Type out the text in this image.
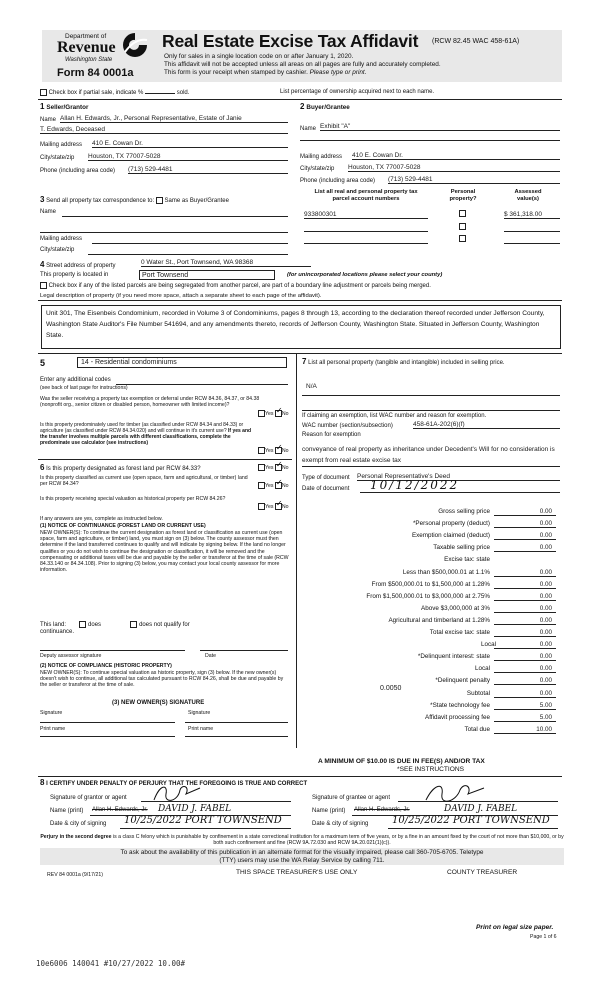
Department of
Revenue
Washington State
Form 84 0001a
Real Estate Excise Tax Affidavit (RCW 82.45 WAC 458-61A)
Only for sales in a single location code on or after January 1, 2020.
This affidavit will not be accepted unless all areas on all pages are fully and accurately completed.
This form is your receipt when stamped by cashier. Please type or print.
Check box if partial sale, indicate %	sold.	List percentage of ownership acquired next to each name.
1 Seller/Grantor
Name Allan H. Edwards, Jr., Personal Representative, Estate of Janie
T. Edwards, Deceased
Mailing address 410 E. Cowan Dr.
City/state/zip Houston, TX 77007-5028
Phone (including area code) (713) 529-4481
2 Buyer/Grantee
Name Exhibit "A"
Mailing address 410 E. Cowan Dr.
City/state/zip Houston, TX 77007-5028
Phone (including area code) (713) 529-4481
3 Send all property tax correspondence to: Same as Buyer/Grantee
Name
Mailing address
City/state/zip
List all real and personal property tax
parcel account numbers
Personal
property?
Assessed
value(s)
933800301	$ 361,318.00
4 Street address of property	0 Water St., Port Townsend, WA 98368
This property is located in	Port Townsend	(for unincorporated locations please select your county)
Check box if any of the listed parcels are being segregated from another parcel, are part of a boundary line adjustment or parcels being merged.
Legal description of property (if you need more space, attach a separate sheet to each page of the affidavit).
Unit 301, The Eisenbeis Condominium, recorded in Volume 3 of Condominiums, pages 8 through 13, according to the declaration thereof recorded under Jefferson County, Washington State Auditor's File Number 541694, and any amendments thereto, records of Jefferson County, Washington State. Situated in Jefferson County, Washington State.
5	14 - Residential condominiums
Enter any additional codes
(see back of last page for instructions)
Was the seller receiving a property tax exemption or deferral under RCW 84.36, 84.37, or 84.38 (nonprofit org., senior citizen or disabled person, homeowner with limited income)?
Yes ✓ No
Is this property predominately used for timber (as classified under RCW 84.34 and 84.33) or agriculture (as classified under RCW 84.34.020) and will continue in it's current use? If yes and the transfer involves multiple parcels with different classifications, complete the predominate use calculator (see instructions)
Yes ✓ No
6 Is this property designated as forest land per RCW 84.33?	Yes ✓ No
Is this property classified as current use (open space, farm and agricultural, or timber) land per RCW 84.34?	Yes ✓ No
Is this property receiving special valuation as historical property per RCW 84.26?
Yes ✓ No
If any answers are yes, complete as instructed below.
(1) NOTICE OF CONTINUANCE (FOREST LAND OR CURRENT USE)
NEW OWNER(S): To continue the current designation as forest land or classification as current use (open space, farm and agriculture, or timber) land, you must sign on (3) below. The county assessor must then determine if the land transferred continues to qualify and will indicate by signing below. If the land no longer qualifies or you do not wish to continue the designation or classification, it will be removed and the compensating or additional taxes will be due and payable by the seller or transferor at the time of sale (RCW 84.33.140 or 84.34.108). Prior to signing (3) below, you may contact your local county assessor for more information.
This land:	does	does not qualify for
continuance.
Deputy assessor signature	Date
(2) NOTICE OF COMPLIANCE (HISTORIC PROPERTY)
NEW OWNER(S): To continue special valuation as historic property, sign (3) below. If the new owner(s) doesn't wish to continue, all additional tax calculated pursuant to RCW 84.26, shall be due and payable by the seller or transferor at the time of sale.
(3) NEW OWNER(S) SIGNATURE
Signature	Signature
Print name	Print name
7 List all personal property (tangible and intangible) included in selling price.
N/A
If claiming an exemption, list WAC number and reason for exemption.
WAC number (section/subsection)	458-61A-202(6)(f)
Reason for exemption
conveyance of real property as inheritance under Decedent's Will for no consideration is exempt from real estate excise tax
Type of document Personal Representative's Deed
Date of document	10/12/2022
Gross selling price	0.00
*Personal property (deduct)	0.00
Exemption claimed (deduct)	0.00
Taxable selling price	0.00
Excise tax: state
Less than $500,000.01 at 1.1%	0.00
From $500,000.01 to $1,500,000 at 1.28%	0.00
From $1,500,000.01 to $3,000,000 at 2.75%	0.00
Above $3,000,000 at 3%	0.00
Agricultural and timberland at 1.28%	0.00
Total excise tax: state	0.00
Local	0.00
*Delinquent interest: state	0.00
Local	0.00
*Delinquent penalty	0.00
Subtotal	0.00
*State technology fee	5.00
Affidavit processing fee	5.00
Total due	10.00
0.0050
A MINIMUM OF $10.00 IS DUE IN FEE(S) AND/OR TAX
*SEE INSTRUCTIONS
8 I CERTIFY UNDER PENALTY OF PERJURY THAT THE FOREGOING IS TRUE AND CORRECT
Signature of grantor or agent
Name (print) Allan H. Edwards, Jr. DAVID J. FABEL
Date & city of signing 10/25/2022 PORT TOWNSEND
Signature of grantee or agent
Name (print) Allan H. Edwards, Jr.	DAVID J. FABEL
Date & city of signing 10/25/2022 PORT TOWNSEND
Perjury in the second degree is a class C felony which is punishable by confinement in a state correctional institution for a maximum term of five years, or by a fine in an amount fixed by the court of not more than $10,000, or by both such confinement and fine (RCW 9A.72.030 and RCW 9A.20.021(1)(c)).
To ask about the availability of this publication in an alternate format for the visually impaired, please call 360-705-6705. Teletype
(TTY) users may use the WA Relay Service by calling 711.
REV 84 0001a (9/17/21)	THIS SPACE TREASURER'S USE ONLY	COUNTY TREASURER
Print on legal size paper.
Page 1 of 6
10e6006 140041 #10/27/2022 10.00#
